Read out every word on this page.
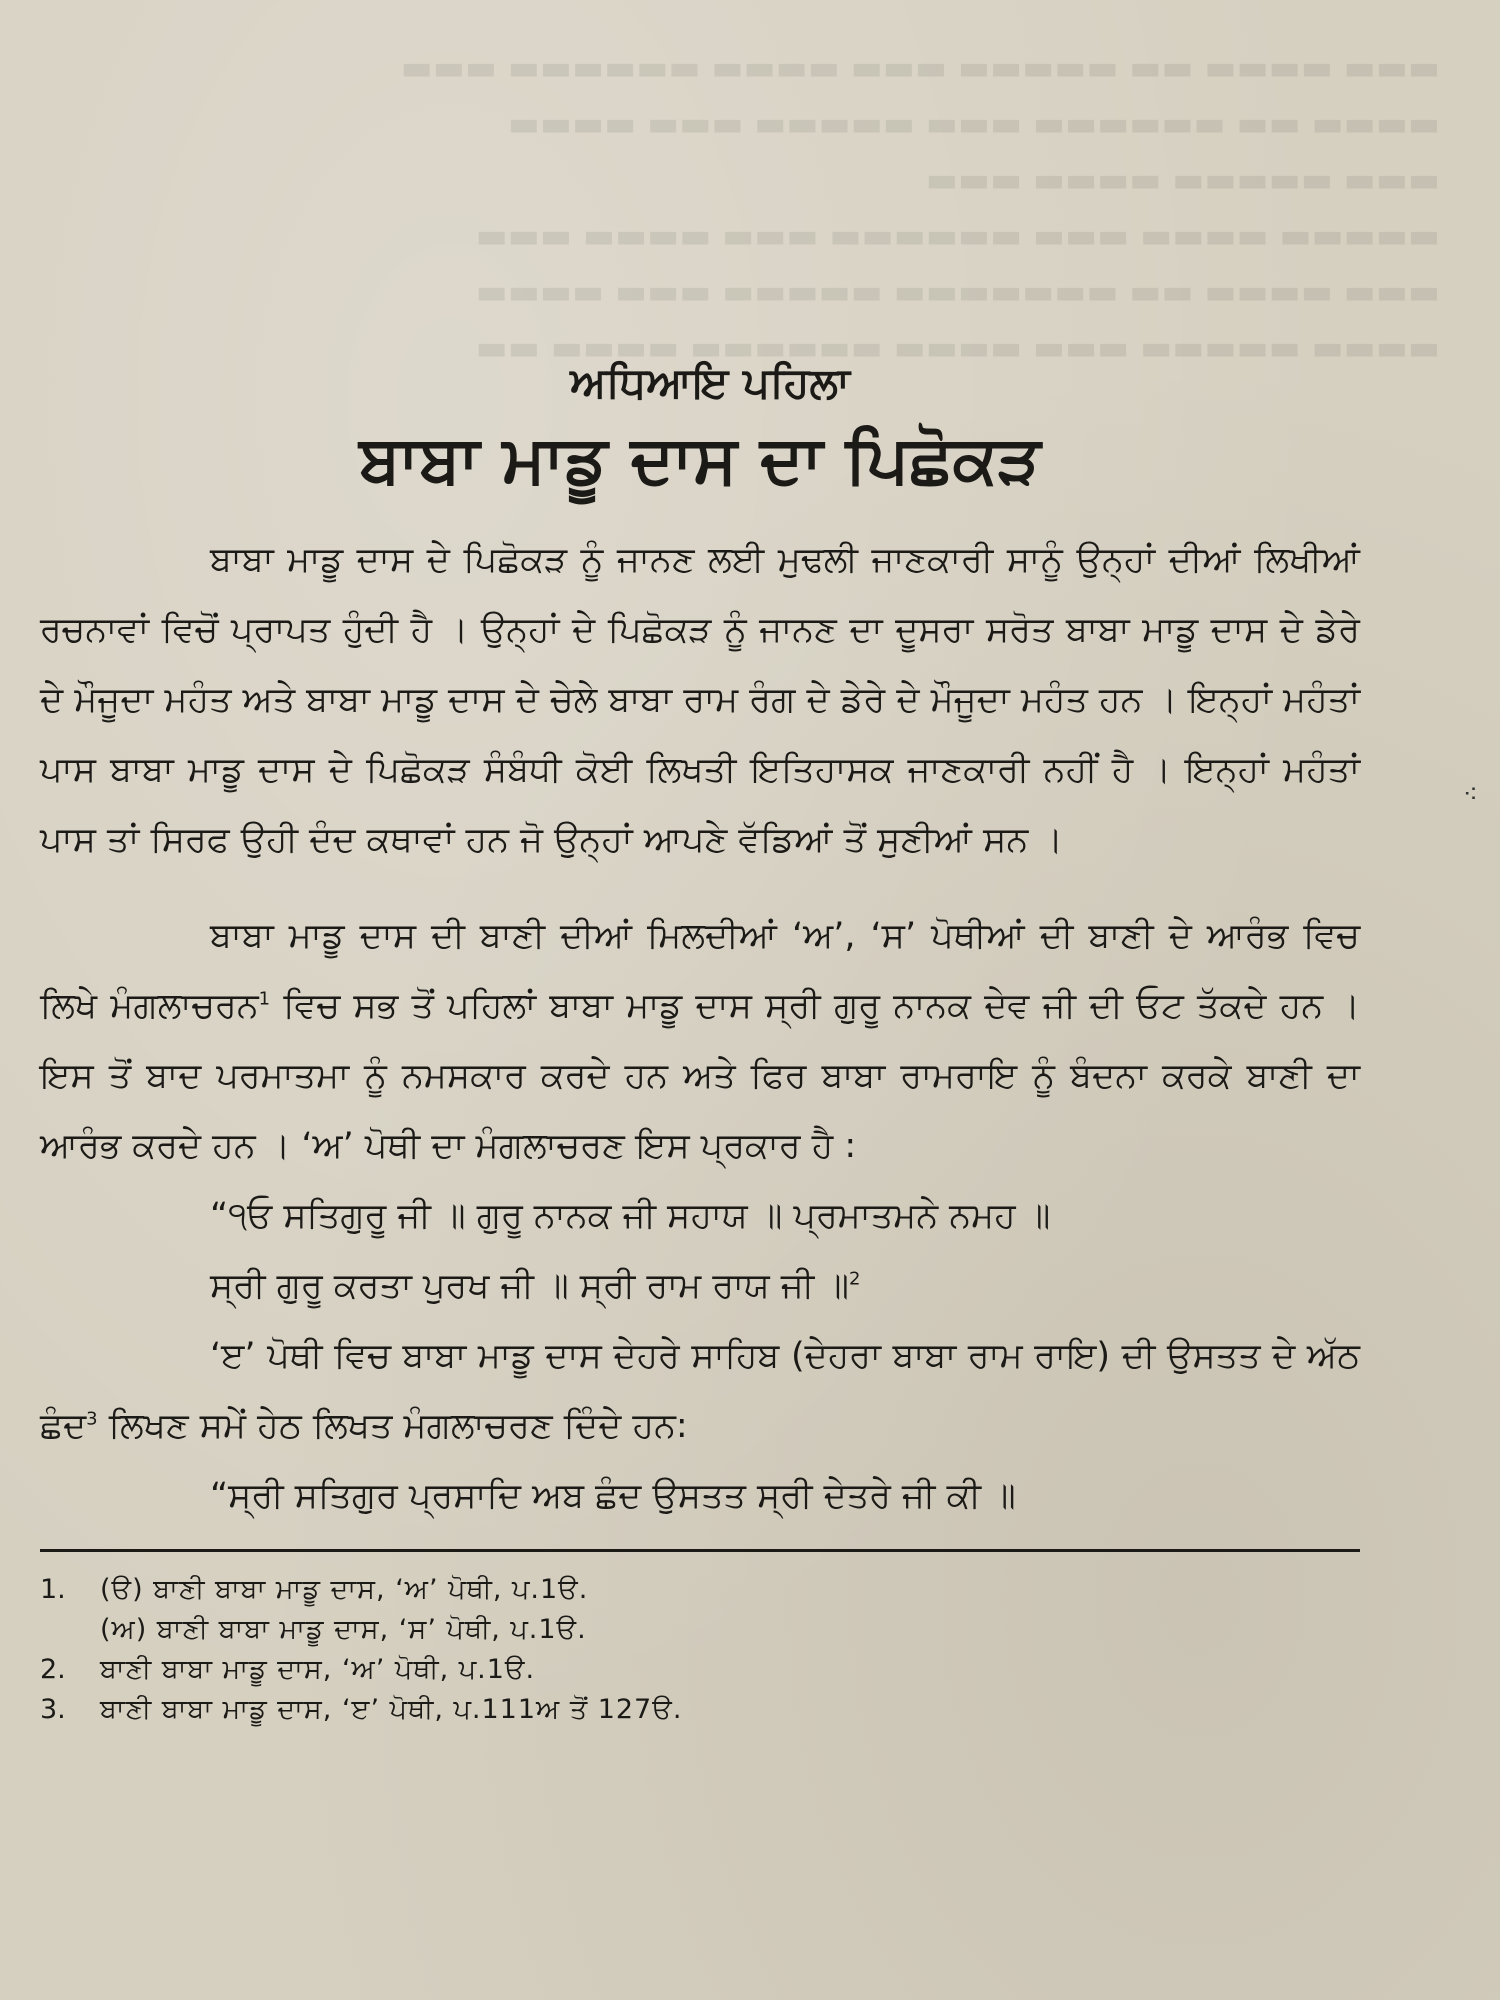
▬▬▬ ▬▬▬▬ ▬▬ ▬▬▬▬▬ ▬▬▬ ▬▬▬▬ ▬▬▬▬▬▬ ▬▬▬
▬▬▬▬ ▬▬ ▬▬▬▬▬▬ ▬▬▬ ▬▬▬▬▬ ▬▬▬ ▬▬▬▬
▬▬▬ ▬▬▬▬▬ ▬▬▬▬ ▬▬▬
▬▬▬▬▬ ▬▬▬▬ ▬▬▬ ▬▬▬▬▬▬ ▬▬▬ ▬▬▬▬ ▬▬▬
▬▬▬ ▬▬▬▬ ▬▬ ▬▬▬▬▬▬▬ ▬▬▬▬▬ ▬▬▬ ▬▬▬▬
▬▬▬▬ ▬▬▬▬▬ ▬▬▬ ▬▬▬▬ ▬▬▬▬▬▬ ▬▬▬▬ ▬▬
⁖
ਅਧਿਆਇ ਪਹਿਲਾ
ਬਾਬਾ ਮਾਡੂ ਦਾਸ ਦਾ ਪਿਛੋਕੜ

ਬਾਬਾ ਮਾਡੂ ਦਾਸ ਦੇ ਪਿਛੋਕੜ ਨੂੰ ਜਾਨਣ ਲਈ ਮੁਢਲੀ ਜਾਣਕਾਰੀ ਸਾਨੂੰ ਉਨ੍ਹਾਂ ਦੀਆਂ ਲਿਖੀਆਂ ਰਚਨਾਵਾਂ ਵਿਚੋਂ ਪ੍ਰਾਪਤ ਹੁੰਦੀ ਹੈ । ਉਨ੍ਹਾਂ ਦੇ ਪਿਛੋਕੜ ਨੂੰ ਜਾਨਣ ਦਾ ਦੂਸਰਾ ਸਰੋਤ ਬਾਬਾ ਮਾਡੂ ਦਾਸ ਦੇ ਡੇਰੇ ਦੇ ਮੌਜੂਦਾ ਮਹੰਤ ਅਤੇ ਬਾਬਾ ਮਾਡੂ ਦਾਸ ਦੇ ਚੇਲੇ ਬਾਬਾ ਰਾਮ ਰੰਗ ਦੇ ਡੇਰੇ ਦੇ ਮੌਜੂਦਾ ਮਹੰਤ ਹਨ । ਇਨ੍ਹਾਂ ਮਹੰਤਾਂ ਪਾਸ ਬਾਬਾ ਮਾਡੂ ਦਾਸ ਦੇ ਪਿਛੋਕੜ ਸੰਬੰਧੀ ਕੋਈ ਲਿਖਤੀ ਇਤਿਹਾਸਕ ਜਾਣਕਾਰੀ ਨਹੀਂ ਹੈ । ਇਨ੍ਹਾਂ ਮਹੰਤਾਂ ਪਾਸ ਤਾਂ ਸਿਰਫ ਉਹੀ ਦੰਦ ਕਥਾਵਾਂ ਹਨ ਜੋ ਉਨ੍ਹਾਂ ਆਪਣੇ ਵੱਡਿਆਂ ਤੋਂ ਸੁਣੀਆਂ ਸਨ ।

ਬਾਬਾ ਮਾਡੂ ਦਾਸ ਦੀ ਬਾਣੀ ਦੀਆਂ ਮਿਲਦੀਆਂ ‘ਅ’, ‘ਸ’ ਪੋਥੀਆਂ ਦੀ ਬਾਣੀ ਦੇ ਆਰੰਭ ਵਿਚ ਲਿਖੇ ਮੰਗਲਾਚਰਨ$^1$ ਵਿਚ ਸਭ ਤੋਂ ਪਹਿਲਾਂ ਬਾਬਾ ਮਾਡੂ ਦਾਸ ਸ੍ਰੀ ਗੁਰੂ ਨਾਨਕ ਦੇਵ ਜੀ ਦੀ ਓਟ ਤੱਕਦੇ ਹਨ । ਇਸ ਤੋਂ ਬਾਦ ਪਰਮਾਤਮਾ ਨੂੰ ਨਮਸਕਾਰ ਕਰਦੇ ਹਨ ਅਤੇ ਫਿਰ ਬਾਬਾ ਰਾਮਰਾਇ ਨੂੰ ਬੰਦਨਾ ਕਰਕੇ ਬਾਣੀ ਦਾ ਆਰੰਭ ਕਰਦੇ ਹਨ । ‘ਅ’ ਪੋਥੀ ਦਾ ਮੰਗਲਾਚਰਣ ਇਸ ਪ੍ਰਕਾਰ ਹੈ :

“੧ਓ ਸਤਿਗੁਰੂ ਜੀ ॥ ਗੁਰੂ ਨਾਨਕ ਜੀ ਸਹਾਯ ॥ ਪ੍ਰਮਾਤਮਨੇ ਨਮਹ ॥

ਸ੍ਰੀ ਗੁਰੂ ਕਰਤਾ ਪੁਰਖ ਜੀ ॥ ਸ੍ਰੀ ਰਾਮ ਰਾਯ ਜੀ ॥$^2$

‘ੲ’ ਪੋਥੀ ਵਿਚ ਬਾਬਾ ਮਾਡੂ ਦਾਸ ਦੇਹਰੇ ਸਾਹਿਬ (ਦੇਹਰਾ ਬਾਬਾ ਰਾਮ ਰਾਇ) ਦੀ ਉਸਤਤ ਦੇ ਅੱਠ ਛੰਦ$^3$ ਲਿਖਣ ਸਮੇਂ ਹੇਠ ਲਿਖਤ ਮੰਗਲਾਚਰਣ ਦਿੰਦੇ ਹਨ:

“ਸ੍ਰੀ ਸਤਿਗੁਰ ਪ੍ਰਸਾਦਿ ਅਬ ਛੰਦ ਉਸਤਤ ਸ੍ਰੀ ਦੇਤਰੇ ਜੀ ਕੀ ॥

1.	(ੳ) ਬਾਣੀ ਬਾਬਾ ਮਾਡੂ ਦਾਸ, ‘ਅ’ ਪੋਥੀ, ਪ.1ੳ.
(ਅ) ਬਾਣੀ ਬਾਬਾ ਮਾਡੂ ਦਾਸ, ‘ਸ’ ਪੋਥੀ, ਪ.1ੳ.
2.	ਬਾਣੀ ਬਾਬਾ ਮਾਡੂ ਦਾਸ, ‘ਅ’ ਪੋਥੀ, ਪ.1ੳ.
3.	ਬਾਣੀ ਬਾਬਾ ਮਾਡੂ ਦਾਸ, ‘ੲ’ ਪੋਥੀ, ਪ.111ਅ ਤੋਂ 127ੳ.
